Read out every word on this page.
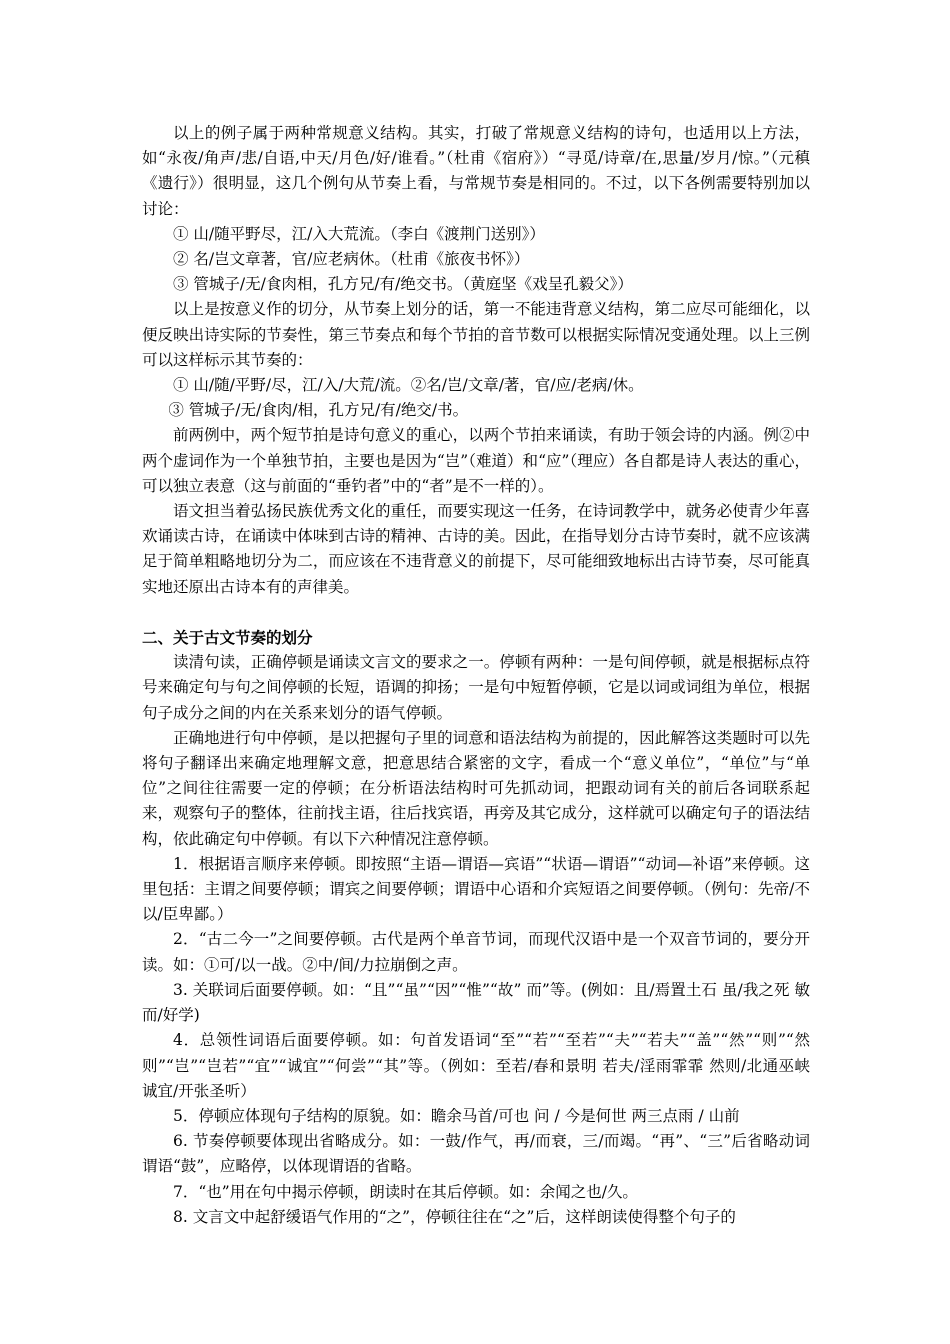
以上的例子属于两种常规意义结构。其实，打破了常规意义结构的诗句，也适用以上方法，如“永夜/角声/悲/自语,中天/月色/好/谁看。”（杜甫《宿府》）“寻觅/诗章/在,思量/岁月/惊。”（元稹《遗行》）很明显，这几个例句从节奏上看，与常规节奏是相同的。不过，以下各例需要特别加以讨论：

① 山/随平野尽，江/入大荒流。（李白《渡荆门送别》）

② 名/岂文章著，官/应老病休。（杜甫《旅夜书怀》）

③ 管城子/无/食肉相，孔方兄/有/绝交书。（黄庭坚《戏呈孔毅父》）

以上是按意义作的切分，从节奏上划分的话，第一不能违背意义结构，第二应尽可能细化，以便反映出诗实际的节奏性，第三节奏点和每个节拍的音节数可以根据实际情况变通处理。以上三例可以这样标示其节奏的：

① 山/随/平野/尽，江/入/大荒/流。②名/岂/文章/著，官/应/老病/休。

③ 管城子/无/食肉/相，孔方兄/有/绝交/书。

前两例中，两个短节拍是诗句意义的重心，以两个节拍来诵读，有助于领会诗的内涵。例②中两个虚词作为一个单独节拍，主要也是因为“岂”（难道）和“应”（理应）各自都是诗人表达的重心，可以独立表意（这与前面的“垂钓者”中的“者”是不一样的）。

语文担当着弘扬民族优秀文化的重任，而要实现这一任务，在诗词教学中，就务必使青少年喜欢诵读古诗，在诵读中体味到古诗的精神、古诗的美。因此，在指导划分古诗节奏时，就不应该满足于简单粗略地切分为二，而应该在不违背意义的前提下，尽可能细致地标出古诗节奏，尽可能真实地还原出古诗本有的声律美。

二、关于古文节奏的划分

读清句读，正确停顿是诵读文言文的要求之一。停顿有两种：一是句间停顿，就是根据标点符号来确定句与句之间停顿的长短，语调的抑扬；一是句中短暂停顿，它是以词或词组为单位，根据句子成分之间的内在关系来划分的语气停顿。

正确地进行句中停顿，是以把握句子里的词意和语法结构为前提的，因此解答这类题时可以先将句子翻译出来确定地理解文意，把意思结合紧密的文字，看成一个“意义单位”，“单位”与“单位”之间往往需要一定的停顿；在分析语法结构时可先抓动词，把跟动词有关的前后各词联系起来，观察句子的整体，往前找主语，往后找宾语，再旁及其它成分，这样就可以确定句子的语法结构，依此确定句中停顿。有以下六种情况注意停顿。

1．根据语言顺序来停顿。即按照“主语—谓语—宾语”“状语—谓语”“动词—补语”来停顿。这里包括：主谓之间要停顿；谓宾之间要停顿；谓语中心语和介宾短语之间要停顿。（例句：先帝/不以/臣卑鄙。）

2．“古二今一”之间要停顿。古代是两个单音节词，而现代汉语中是一个双音节词的，要分开读。如：①可/以一战。②中/间/力拉崩倒之声。

3. 关联词后面要停顿。如：“且”“虽”“因”“惟”“故” 而”等。(例如：且/焉置土石 虽/我之死 敏而/好学)

4．总领性词语后面要停顿。如：句首发语词“至”“若”“至若”“夫”“若夫”“盖”“然”“则”“然则”“岂”“岂若”“宜”“诚宜”“何尝”“其”等。（例如：至若/春和景明 若夫/淫雨霏霏 然则/北通巫峡 诚宜/开张圣听）

5．停顿应体现句子结构的原貌。如：瞻余马首/可也 问 / 今是何世 两三点雨 / 山前

6. 节奏停顿要体现出省略成分。如：一鼓/作气，再/而衰，三/而竭。“再”、“三”后省略动词谓语“鼓”，应略停，以体现谓语的省略。

7．“也”用在句中揭示停顿，朗读时在其后停顿。如：余闻之也/久。

8. 文言文中起舒缓语气作用的“之”，停顿往往在“之”后，这样朗读使得整个句子的
